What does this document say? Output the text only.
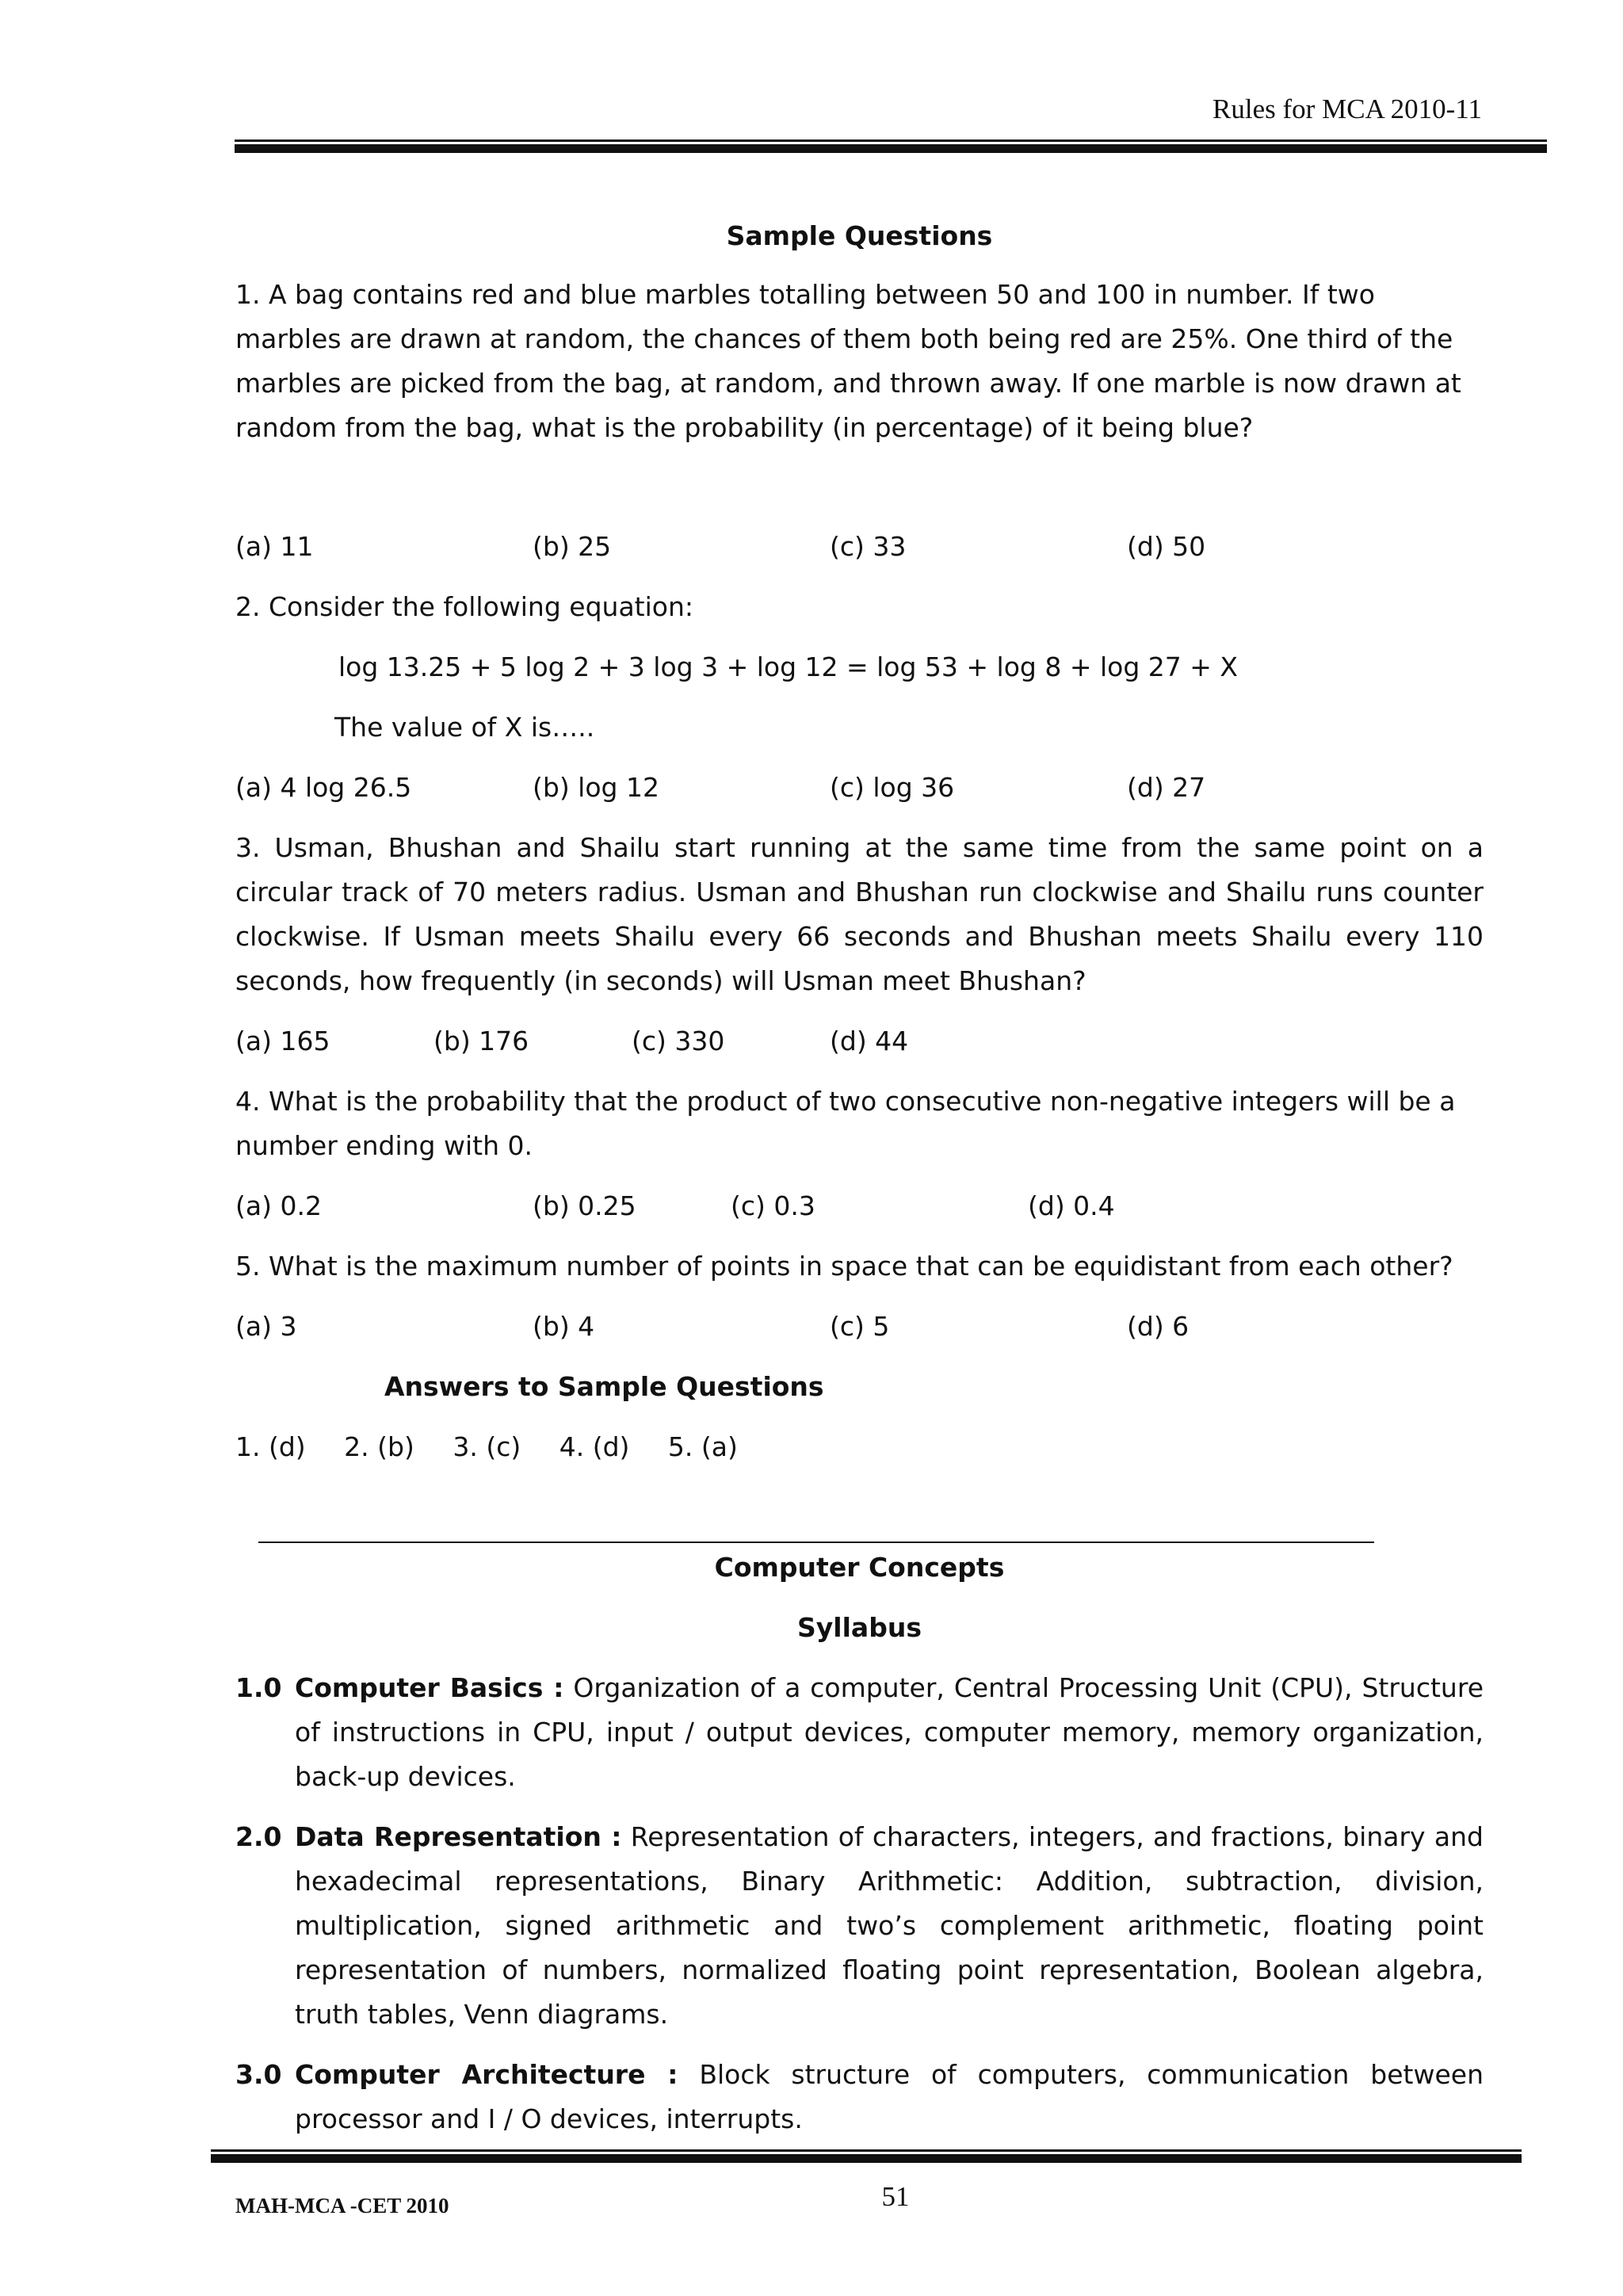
Rules for MCA 2010-11

Sample Questions

1. A bag contains red and blue marbles totalling between 50 and 100 in number. If two marbles are drawn at random, the chances of them both being red are 25%. One third of the marbles are picked from the bag, at random, and thrown away. If one marble is now drawn at random from the bag, what is the probability (in percentage) of it being blue?

(a) 11	(b) 25	(c) 33	(d) 50

2. Consider the following equation:

log 13.25 + 5 log 2 + 3 log 3 + log 12 = log 53 + log 8 + log 27 + X

The value of X is…..

(a) 4 log 26.5	(b) log 12	(c) log 36	(d) 27

3. Usman, Bhushan and Shailu start running at the same time from the same point on a circular track of 70 meters radius. Usman and Bhushan run clockwise and Shailu runs counter clockwise. If Usman meets Shailu every 66 seconds and Bhushan meets Shailu every 110 seconds, how frequently (in seconds) will Usman meet Bhushan?

(a) 165	(b) 176	(c) 330	(d) 44

4. What is the probability that the product of two consecutive non-negative integers will be a number ending with 0.

(a) 0.2	(b) 0.25	(c) 0.3	(d) 0.4

5. What is the maximum number of points in space that can be equidistant from each other?

(a) 3	(b) 4	(c) 5	(d) 6

Answers to Sample Questions

1. (d) 2. (b) 3. (c) 4. (d) 5. (a)

Computer Concepts

Syllabus

1.0 Computer Basics : Organization of a computer, Central Processing Unit (CPU), Structure of instructions in CPU, input / output devices, computer memory, memory organization, back-up devices.
2.0 Data Representation : Representation of characters, integers, and fractions, binary and hexadecimal representations, Binary Arithmetic: Addition, subtraction, division, multiplication, signed arithmetic and two’s complement arithmetic, floating point representation of numbers, normalized floating point representation, Boolean algebra, truth tables, Venn diagrams.
3.0 Computer Architecture : Block structure of computers, communication between processor and I / O devices, interrupts.
MAH-MCA -CET 2010	51
